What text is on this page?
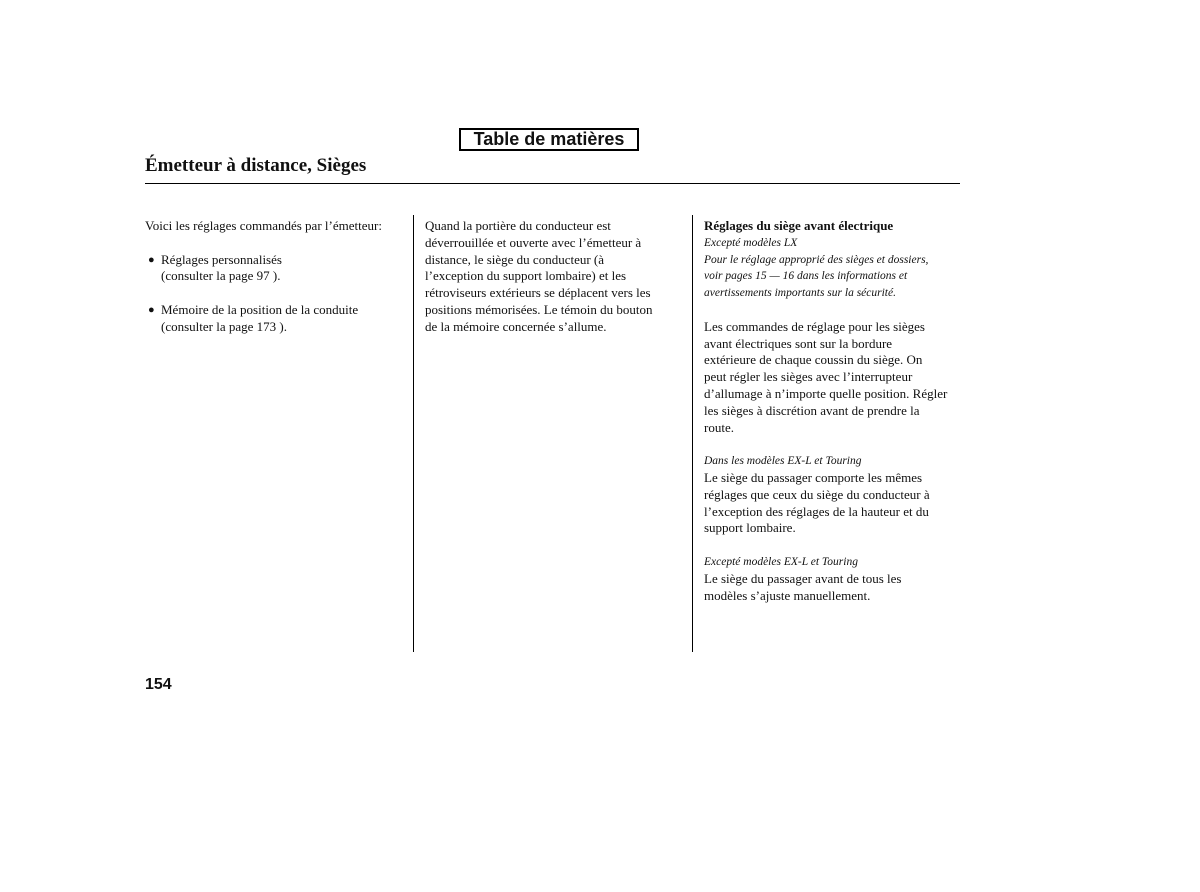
Table de matières
Émetteur à distance, Sièges

Voici les réglages commandés par l’émetteur:

● Réglages personnalisés

(consulter la page 97 ).

● Mémoire de la position de la conduite

(consulter la page 173 ).

Quand la portière du conducteur est

déverrouillée et ouverte avec l’émetteur à

distance, le siège du conducteur (à

l’exception du support lombaire) et les

rétroviseurs extérieurs se déplacent vers les

positions mémorisées. Le témoin du bouton

de la mémoire concernée s’allume.

Réglages du siège avant électrique

Excepté modèles LX

Pour le réglage approprié des sièges et dossiers,

voir pages 15 — 16 dans les informations et

avertissements importants sur la sécurité.

Les commandes de réglage pour les sièges

avant électriques sont sur la bordure

extérieure de chaque coussin du siège. On

peut régler les sièges avec l’interrupteur

d’allumage à n’importe quelle position. Régler

les sièges à discrétion avant de prendre la

route.

Dans les modèles EX-L et Touring

Le siège du passager comporte les mêmes

réglages que ceux du siège du conducteur à

l’exception des réglages de la hauteur et du

support lombaire.

Excepté modèles EX-L et Touring

Le siège du passager avant de tous les

modèles s’ajuste manuellement.

154
